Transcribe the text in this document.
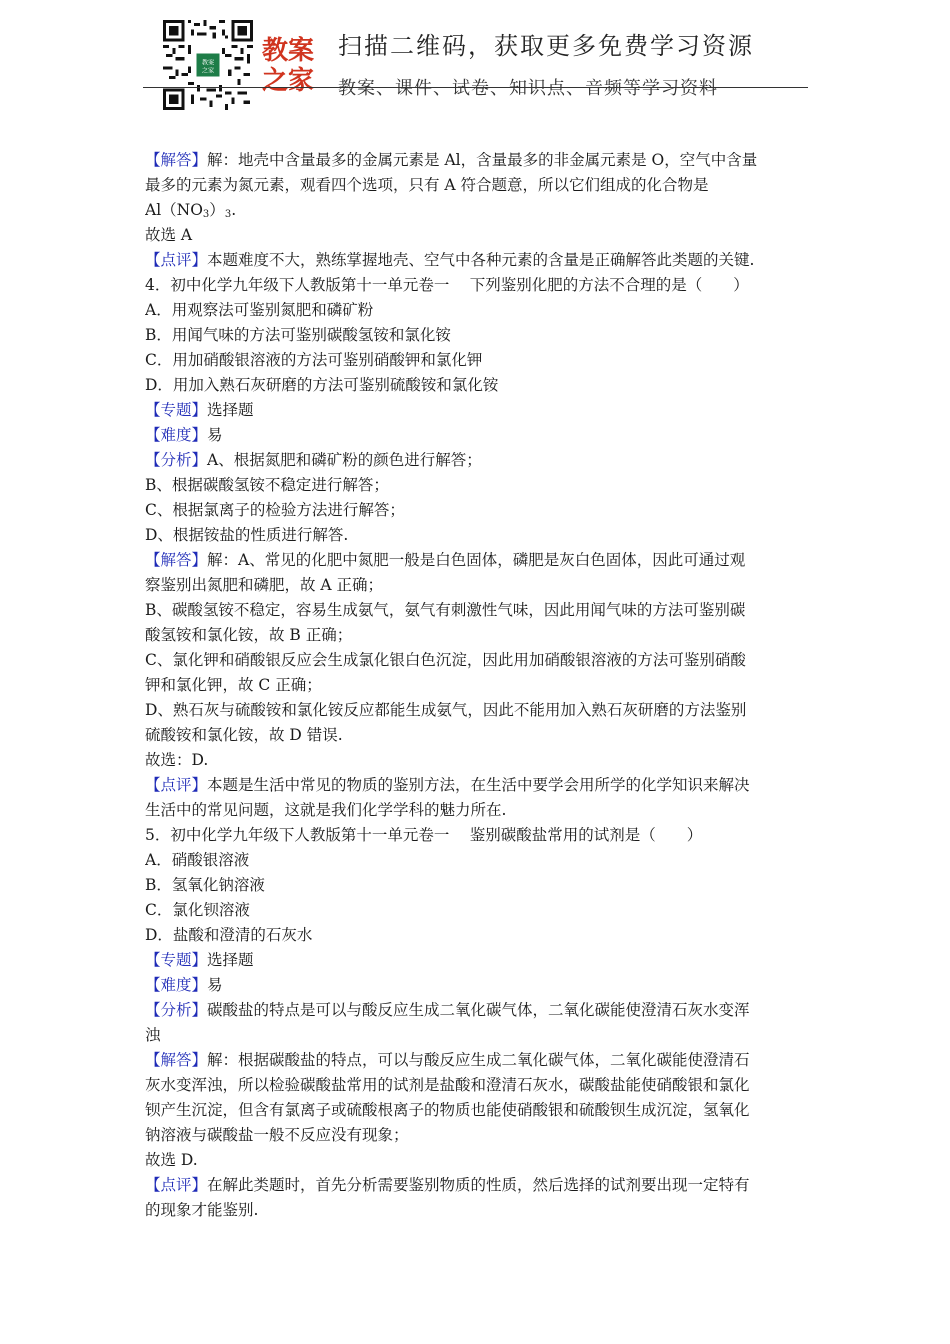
教案
之家
教案
之家
扫描二维码，获取更多免费学习资源
教案、课件、试卷、知识点、音频等学习资料
【解答】解：地壳中含量最多的金属元素是 Al，含量最多的非金属元素是 O，空气中含量
最多的元素为氮元素，观看四个选项，只有 A 符合题意，所以它们组成的化合物是
$Al(NO_3)_3$.
故选 A
【点评】本题难度不大，熟练掌握地壳、空气中各种元素的含量是正确解答此类题的关键.
4．初中化学九年级下人教版第十一单元卷一　 下列鉴别化肥的方法不合理的是（　　）
A．用观察法可鉴别氮肥和磷矿粉
B．用闻气味的方法可鉴别碳酸氢铵和氯化铵
C．用加硝酸银溶液的方法可鉴别硝酸钾和氯化钾
D．用加入熟石灰研磨的方法可鉴别硫酸铵和氯化铵
【专题】选择题
【难度】易
【分析】A、根据氮肥和磷矿粉的颜色进行解答；
B、根据碳酸氢铵不稳定进行解答；
C、根据氯离子的检验方法进行解答；
D、根据铵盐的性质进行解答.
【解答】解：A、常见的化肥中氮肥一般是白色固体，磷肥是灰白色固体，因此可通过观
察鉴别出氮肥和磷肥，故 A 正确；
B、碳酸氢铵不稳定，容易生成氨气，氨气有刺激性气味，因此用闻气味的方法可鉴别碳
酸氢铵和氯化铵，故 B 正确；
C、氯化钾和硝酸银反应会生成氯化银白色沉淀，因此用加硝酸银溶液的方法可鉴别硝酸
钾和氯化钾，故 C 正确；
D、熟石灰与硫酸铵和氯化铵反应都能生成氨气，因此不能用加入熟石灰研磨的方法鉴别
硫酸铵和氯化铵，故 D 错误.
故选：D.
【点评】本题是生活中常见的物质的鉴别方法，在生活中要学会用所学的化学知识来解决
生活中的常见问题，这就是我们化学学科的魅力所在.
5．初中化学九年级下人教版第十一单元卷一　 鉴别碳酸盐常用的试剂是（　　）
A．硝酸银溶液
B．氢氧化钠溶液
C．氯化钡溶液
D．盐酸和澄清的石灰水
【专题】选择题
【难度】易
【分析】碳酸盐的特点是可以与酸反应生成二氧化碳气体，二氧化碳能使澄清石灰水变浑
浊
【解答】解：根据碳酸盐的特点，可以与酸反应生成二氧化碳气体，二氧化碳能使澄清石
灰水变浑浊，所以检验碳酸盐常用的试剂是盐酸和澄清石灰水，碳酸盐能使硝酸银和氯化
钡产生沉淀，但含有氯离子或硫酸根离子的物质也能使硝酸银和硫酸钡生成沉淀，氢氧化
钠溶液与碳酸盐一般不反应没有现象；
故选 D.
【点评】在解此类题时，首先分析需要鉴别物质的性质，然后选择的试剂要出现一定特有
的现象才能鉴别.
